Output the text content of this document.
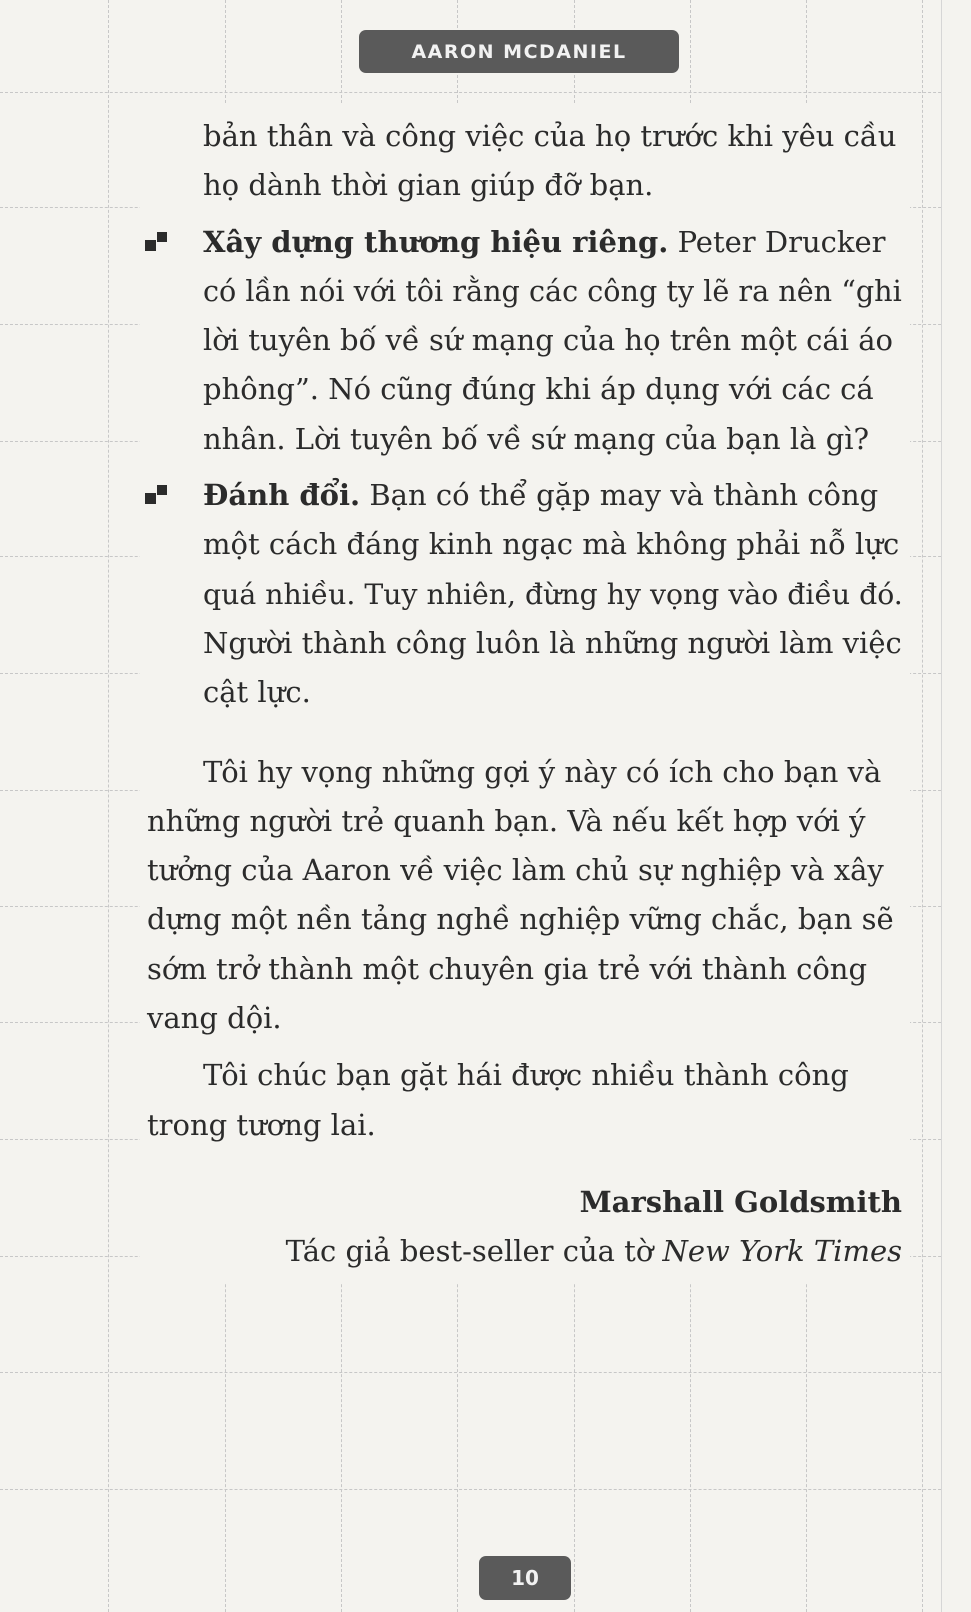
AARON MCDANIEL
bản thân và công việc của họ trước khi yêu cầu
họ dành thời gian giúp đỡ bạn.
Xây dựng thương hiệu riêng. Peter Drucker
có lần nói với tôi rằng các công ty lẽ ra nên “ghi
lời tuyên bố về sứ mạng của họ trên một cái áo
phông”. Nó cũng đúng khi áp dụng với các cá
nhân. Lời tuyên bố về sứ mạng của bạn là gì?
Đánh đổi. Bạn có thể gặp may và thành công
một cách đáng kinh ngạc mà không phải nỗ lực
quá nhiều. Tuy nhiên, đừng hy vọng vào điều đó.
Người thành công luôn là những người làm việc
cật lực.
Tôi hy vọng những gợi ý này có ích cho bạn và
những người trẻ quanh bạn. Và nếu kết hợp với ý
tưởng của Aaron về việc làm chủ sự nghiệp và xây
dựng một nền tảng nghề nghiệp vững chắc, bạn sẽ
sớm trở thành một chuyên gia trẻ với thành công
vang dội.
Tôi chúc bạn gặt hái được nhiều thành công
trong tương lai.
Marshall Goldsmith
Tác giả best-seller của tờ New York Times
10
